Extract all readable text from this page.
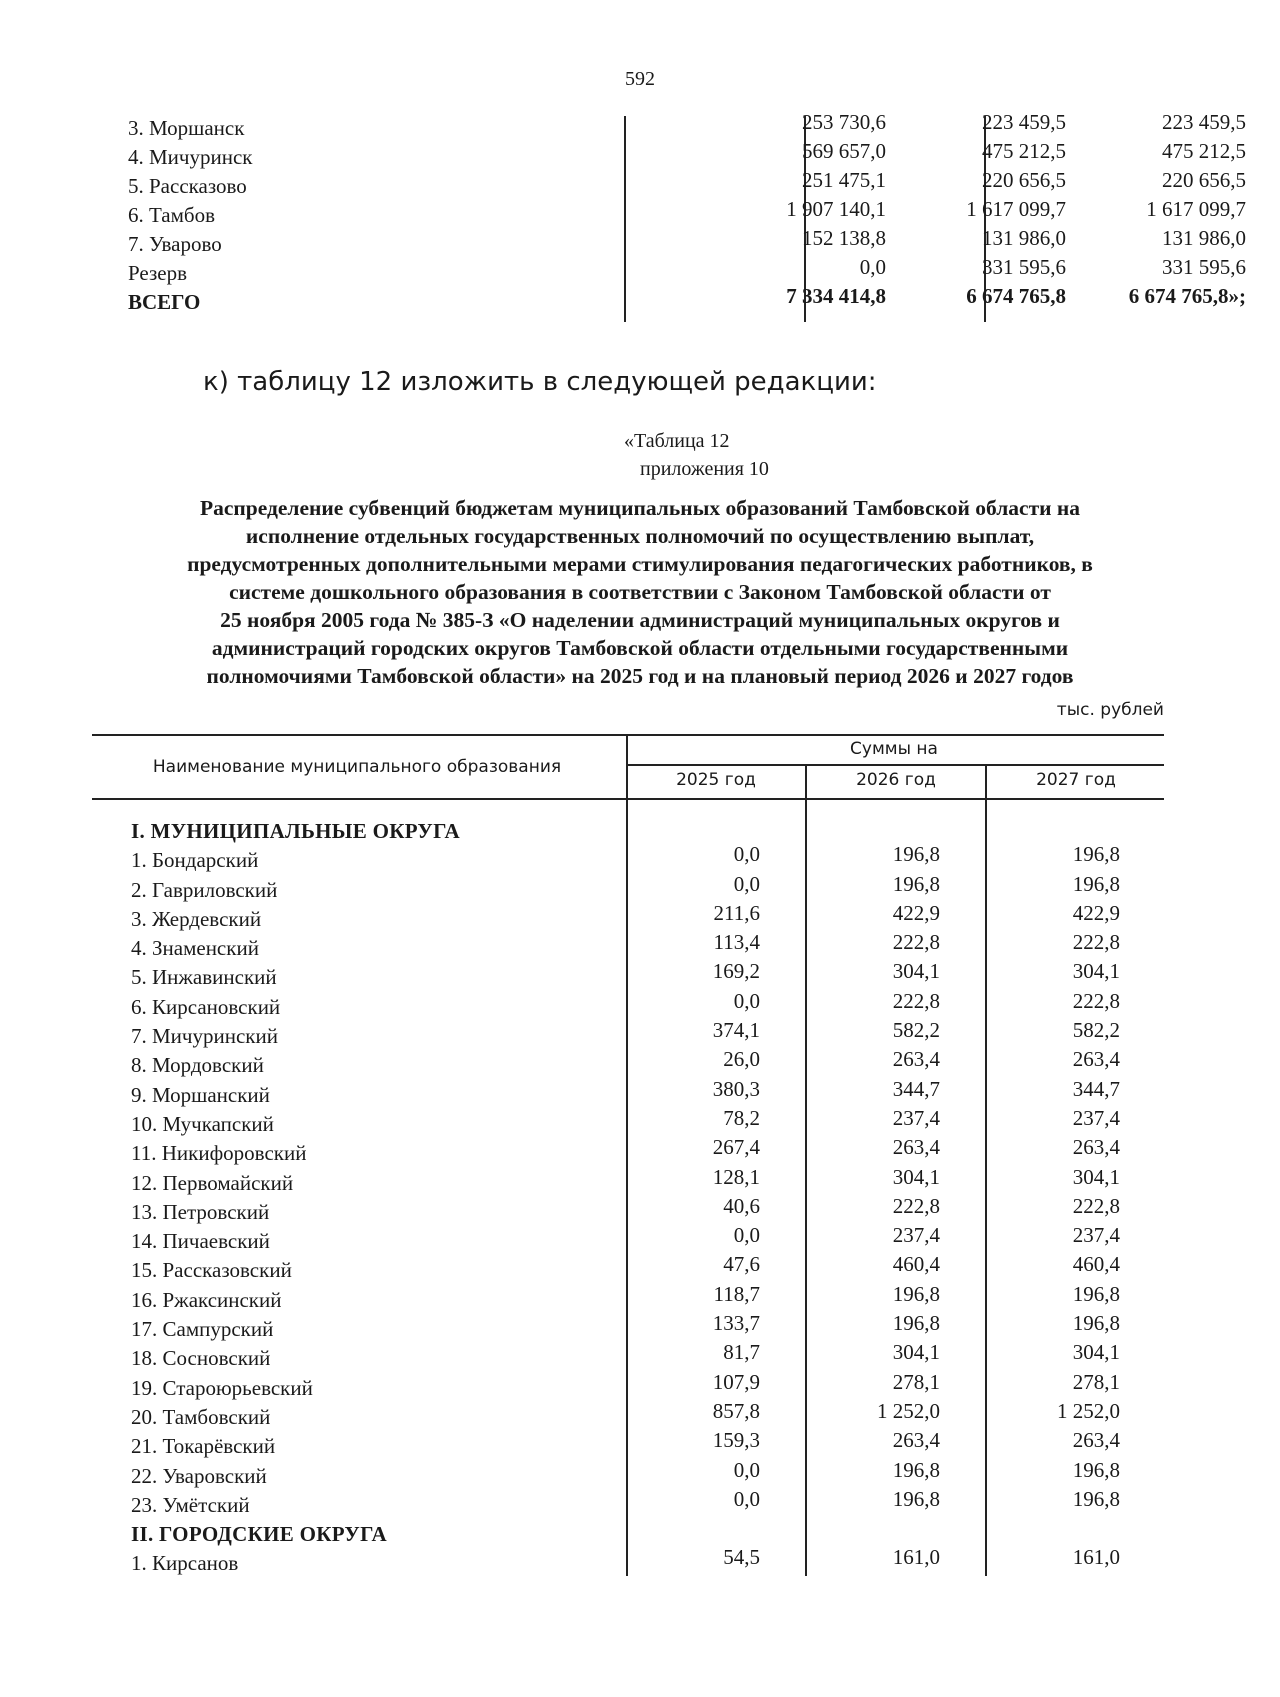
592
3. Моршанск	253 730,6	223 459,5	223 459,5
4. Мичуринск	569 657,0	475 212,5	475 212,5
5. Рассказово	251 475,1	220 656,5	220 656,5
6. Тамбов	1 907 140,1	1 617 099,7	1 617 099,7
7. Уварово	152 138,8	131 986,0	131 986,0
Резерв	0,0	331 595,6	331 595,6
ВСЕГО	7 334 414,8	6 674 765,8	6 674 765,8»;
к) таблицу 12 изложить в следующей редакции:
«Таблица 12
приложения 10
Распределение субвенций бюджетам муниципальных образований Тамбовской области на
исполнение отдельных государственных полномочий по осуществлению выплат,
предусмотренных дополнительными мерами стимулирования педагогических работников, в
системе дошкольного образования в соответствии с Законом Тамбовской области от
25 ноября 2005 года № 385-З «О наделении администраций муниципальных округов и
администраций городских округов Тамбовской области отдельными государственными
полномочиями Тамбовской области» на 2025 год и на плановый период 2026 и 2027 годов
тыс. рублей
Наименование муниципального образования
Суммы на
2025 год	2026 год	2027 год
I. МУНИЦИПАЛЬНЫЕ ОКРУГА
1. Бондарский	0,0	196,8	196,8
2. Гавриловский	0,0	196,8	196,8
3. Жердевский	211,6	422,9	422,9
4. Знаменский	113,4	222,8	222,8
5. Инжавинский	169,2	304,1	304,1
6. Кирсановский	0,0	222,8	222,8
7. Мичуринский	374,1	582,2	582,2
8. Мордовский	26,0	263,4	263,4
9. Моршанский	380,3	344,7	344,7
10. Мучкапский	78,2	237,4	237,4
11. Никифоровский	267,4	263,4	263,4
12. Первомайский	128,1	304,1	304,1
13. Петровский	40,6	222,8	222,8
14. Пичаевский	0,0	237,4	237,4
15. Рассказовский	47,6	460,4	460,4
16. Ржаксинский	118,7	196,8	196,8
17. Сампурский	133,7	196,8	196,8
18. Сосновский	81,7	304,1	304,1
19. Староюрьевский	107,9	278,1	278,1
20. Тамбовский	857,8	1 252,0	1 252,0
21. Токарёвский	159,3	263,4	263,4
22. Уваровский	0,0	196,8	196,8
23. Умётский	0,0	196,8	196,8
II. ГОРОДСКИЕ ОКРУГА
1. Кирсанов	54,5	161,0	161,0
